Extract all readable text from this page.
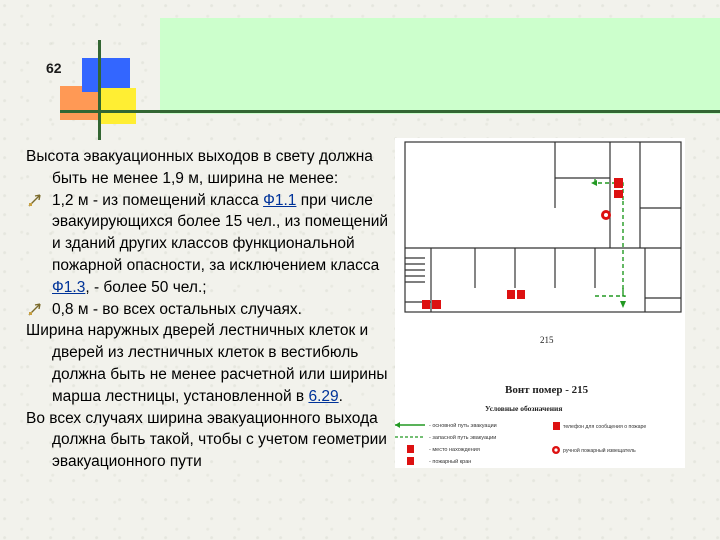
62

Высота эвакуационных выходов в свету должна быть не менее 1,9 м, ширина не менее:

1,2 м - из помещений класса Ф1.1 при числе эвакуирующихся более 15 чел., из помещений и зданий других классов функциональной пожарной опасности, за исключением класса Ф1.3, - более 50 чел.;

0,8 м - во всех остальных случаях.

Ширина наружных дверей лестничных клеток и дверей из лестничных клеток в вестибюль должна быть не менее расчетной или ширины марша лестницы, установленной в 6.29.

Во всех случаях ширина эвакуационного выхода должна быть такой, чтобы с учетом геометрии эвакуационного пути

215
Вонт помер - 215
Условные обозначения
- основной путь эвакуации
- запасной путь эвакуации
- место нахождения
- пожарный кран
телефон для сообщения о пожаре
ручной пожарный извещатель
